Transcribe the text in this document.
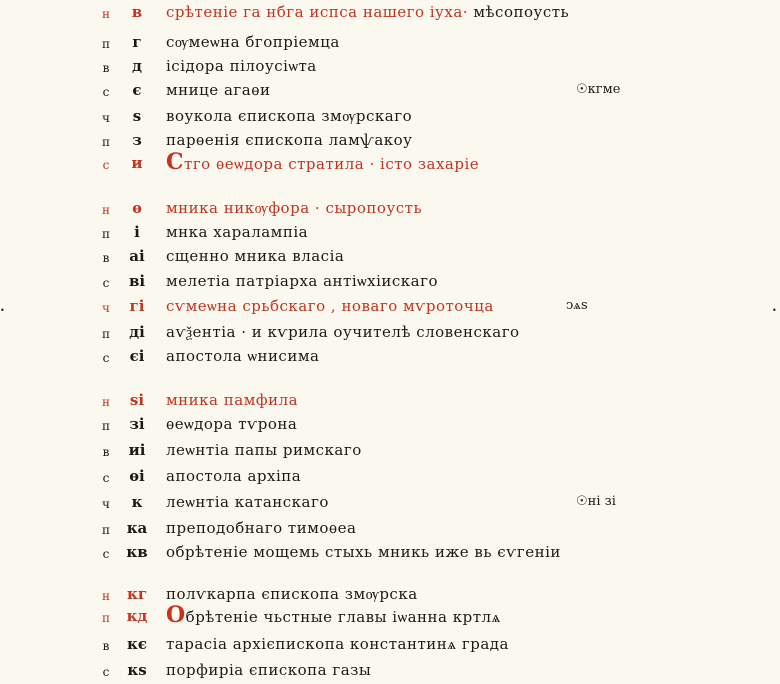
•	•
н	в	срѣтеніе га нбга испса нашего іуха· мѣсопоусть
п	г	сѹмеѡна бгопріемца
в	д	ісідора пілоусіѡта
с	є	мнице агаѳи	☉кгме
ч	ѕ	воукола єпископа змѹрскаго
п	з	парѳенія єпископа ламѱакоу
с	и Стго ѳеѡдора стратила · істо захаріе
н	ѳ	мника никѹфора · сыропоусть
п	і	мнка харалампіа
в	аі сщенно мника власіа
с	ві мелетіа патріарха антіѡхіискаго
ч гі сѵмеѡна срьбскаго , новаго мѵроточца	ↄѧѕ
п ді аѵѯентіа · и кѵрила оучителѣ словенскаго
с	єі апостола ѡнисима
н ѕі мника памфила
п зі ѳеѡдора тѵрона
в	иі леѡнтіа папы римскаго
с	ѳі апостола архіпа
ч	к	леѡнтіа катанскаго	☉ні зі
п ка преподобнаго тимоѳеа
с	кв обрѣтеніе мощемь стыхь мникь иже вь єѵгеніи
н кг полѵкарпа єпископа змѹрска
п кд Обрѣтеніе чьстные главы іѡанна кртлѧ
в	кє тарасіа архієпископа константинѧ града
с	кѕ порфиріа єпископа газы
